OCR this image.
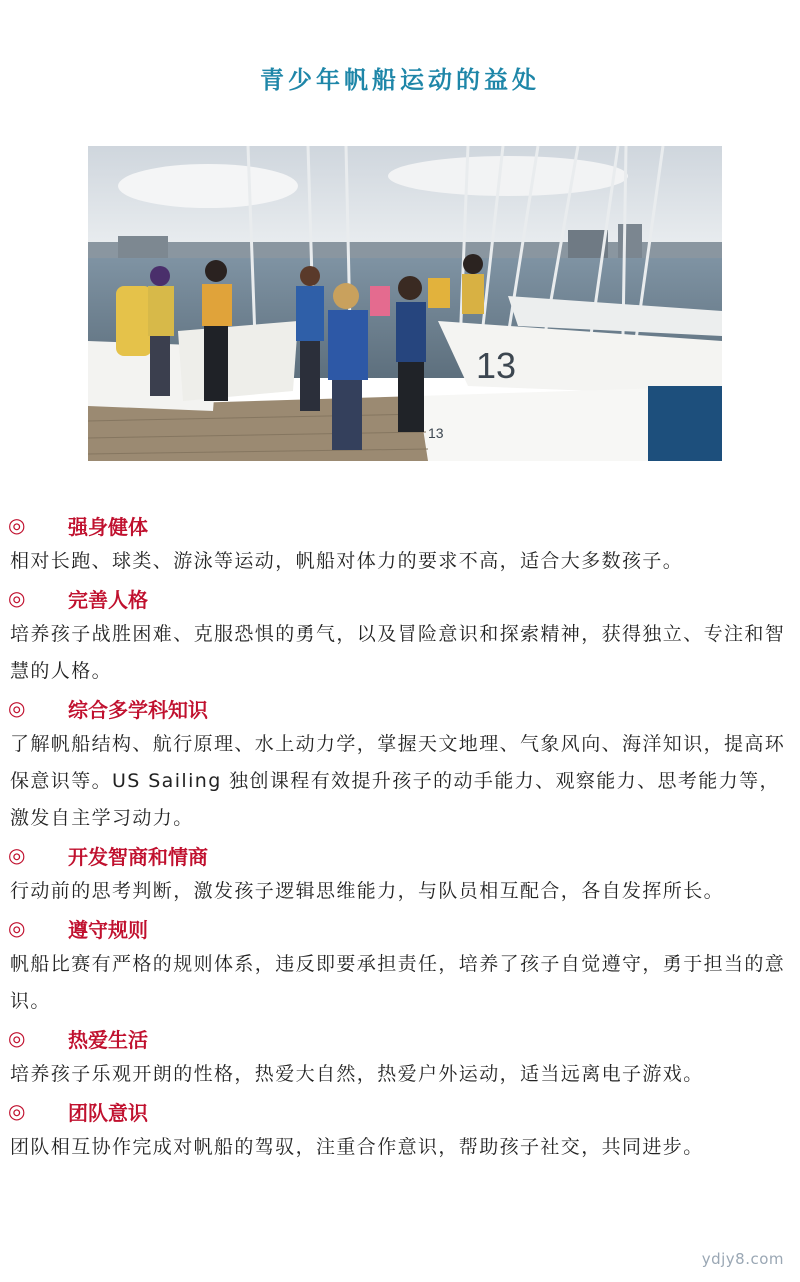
青少年帆船运动的益处
13
13
◎	强身健体

相对长跑、球类、游泳等运动，帆船对体力的要求不高，适合大多数孩子。

◎	完善人格

培养孩子战胜困难、克服恐惧的勇气，以及冒险意识和探索精神，获得独立、专注和智慧的人格。

◎	综合多学科知识

了解帆船结构、航行原理、水上动力学，掌握天文地理、气象风向、海洋知识，提高环保意识等。US Sailing 独创课程有效提升孩子的动手能力、观察能力、思考能力等，激发自主学习动力。

◎	开发智商和情商

行动前的思考判断，激发孩子逻辑思维能力，与队员相互配合，各自发挥所长。

◎	遵守规则

帆船比赛有严格的规则体系，违反即要承担责任，培养了孩子自觉遵守，勇于担当的意识。

◎	热爱生活

培养孩子乐观开朗的性格，热爱大自然，热爱户外运动，适当远离电子游戏。

◎	团队意识

团队相互协作完成对帆船的驾驭，注重合作意识，帮助孩子社交，共同进步。

ydjy8.com
